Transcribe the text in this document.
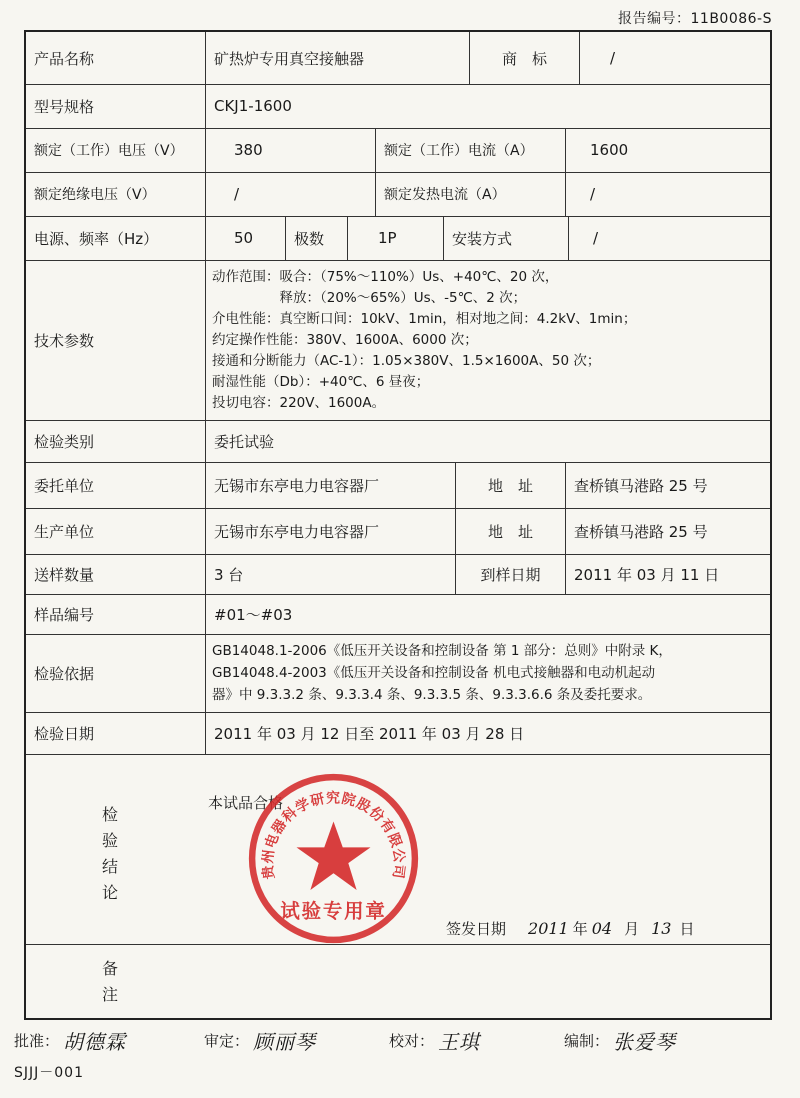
报告编号：11B0086-S
产品名称	矿热炉专用真空接触器	商　标	/
型号规格	CKJ1-1600
额定（工作）电压（V）	380	额定（工作）电流（A）	1600
额定绝缘电压（V）	/	额定发热电流（A）	/
电源、频率（Hz）	50	极数	1P	安装方式	/
技术参数
动作范围：吸合：（75%～110%）Us、+40℃、20 次，
　　　　　释放：（20%～65%）Us、-5℃、2 次；
介电性能：真空断口间：10kV、1min，相对地之间：4.2kV、1min；
约定操作性能：380V、1600A、6000 次；
接通和分断能力（AC-1）：1.05×380V、1.5×1600A、50 次；
耐湿性能（Db）：+40℃、6 昼夜；
投切电容：220V、1600A。
检验类别	委托试验
委托单位	无锡市东亭电力电容器厂	地　址	查桥镇马港路 25 号
生产单位	无锡市东亭电力电容器厂	地　址	查桥镇马港路 25 号
送样数量	3 台	到样日期	2011 年 03 月 11 日
样品编号	#01～#03
检验依据
GB14048.1-2006《低压开关设备和控制设备 第 1 部分：总则》中附录 K，
GB14048.4-2003《低压开关设备和控制设备 机电式接触器和电动机起动
器》中 9.3.3.2 条、9.3.3.4 条、9.3.3.5 条、9.3.3.6.6 条及委托要求。
检验日期	2011 年 03 月 12 日至 2011 年 03 月 28 日
检
验
结
论
本试品合格
贵州电器科学研究院股份有限公司
试验专用章
签发日期 2011 年 04 月 13 日
备
注
批准： 胡德霖	审定： 顾丽琴	校对： 王琪	编制： 张爱琴
SJJJ－001
